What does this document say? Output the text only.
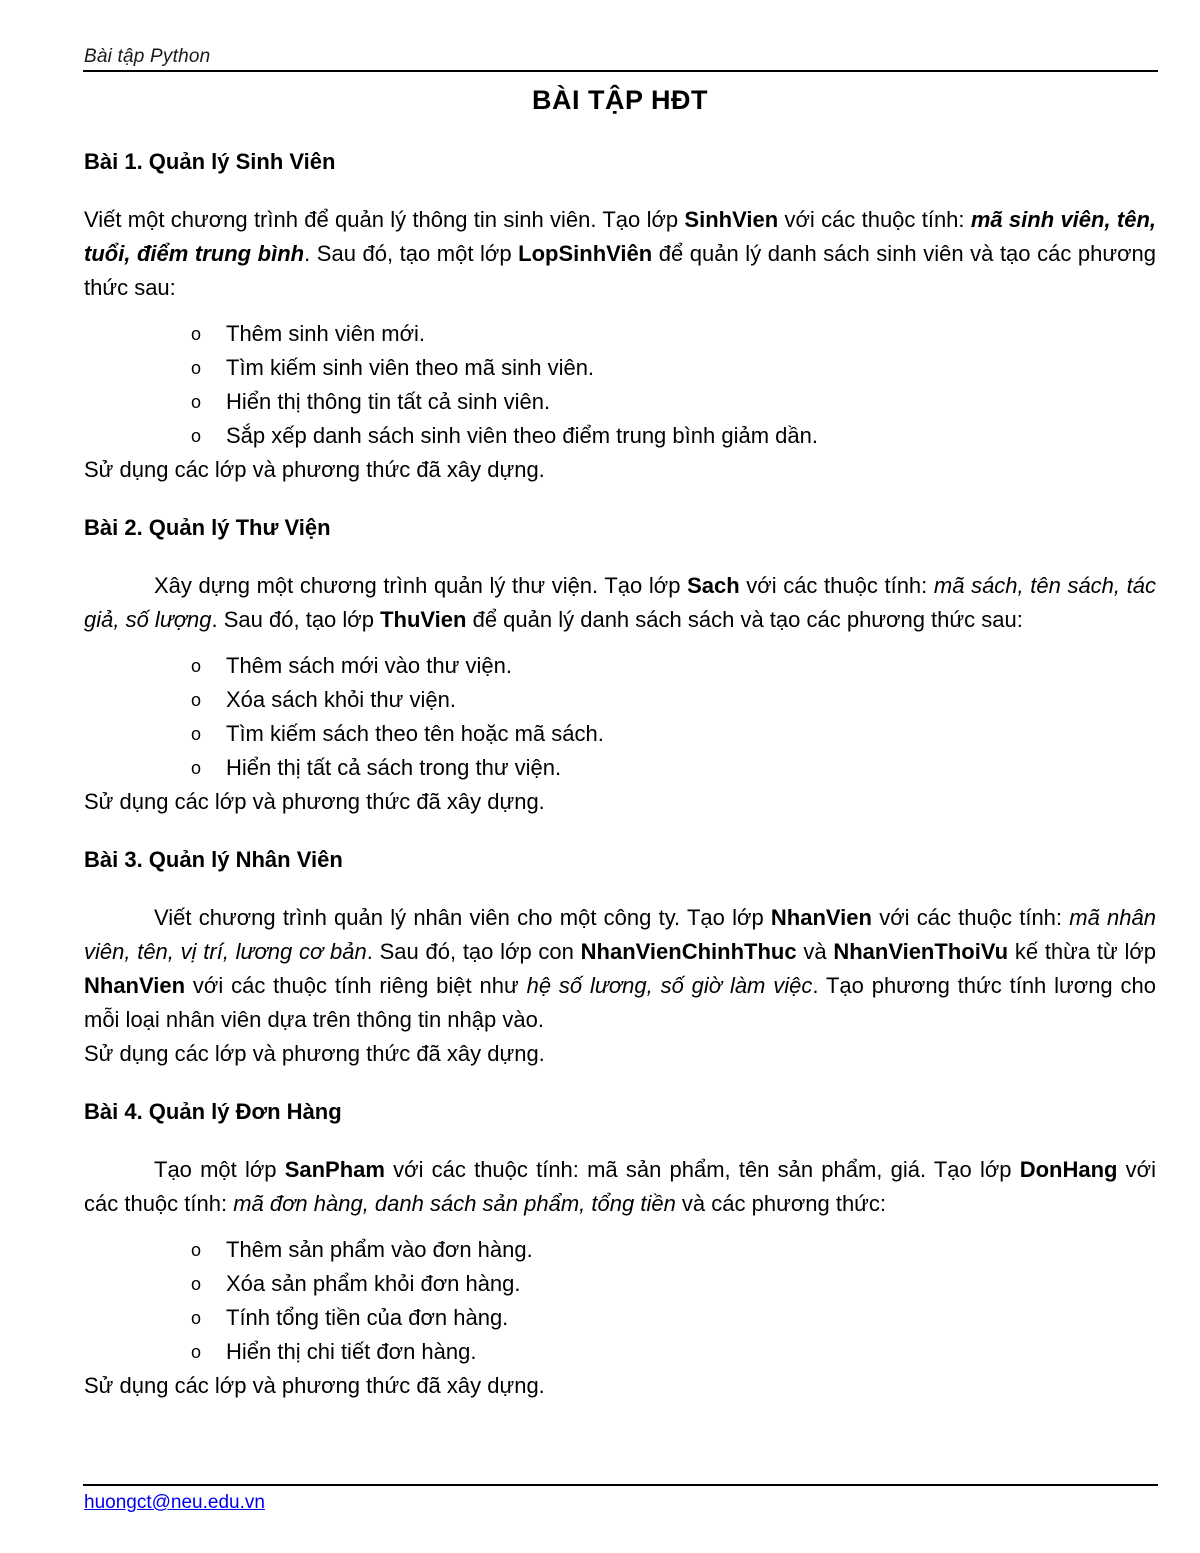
Bài tập Python
BÀI TẬP HĐT

Bài 1. Quản lý Sinh Viên

Viết một chương trình để quản lý thông tin sinh viên. Tạo lớp SinhVien với các thuộc tính: mã sinh viên, tên, tuổi, điểm trung bình. Sau đó, tạo một lớp LopSinhViên để quản lý danh sách sinh viên và tạo các phương thức sau:

o Thêm sinh viên mới.
o Tìm kiếm sinh viên theo mã sinh viên.
o Hiển thị thông tin tất cả sinh viên.
o Sắp xếp danh sách sinh viên theo điểm trung bình giảm dần.

Sử dụng các lớp và phương thức đã xây dựng.

Bài 2. Quản lý Thư Viện

Xây dựng một chương trình quản lý thư viện. Tạo lớp Sach với các thuộc tính: mã sách, tên sách, tác giả, số lượng. Sau đó, tạo lớp ThuVien để quản lý danh sách sách và tạo các phương thức sau:

o Thêm sách mới vào thư viện.
o Xóa sách khỏi thư viện.
o Tìm kiếm sách theo tên hoặc mã sách.
o Hiển thị tất cả sách trong thư viện.

Sử dụng các lớp và phương thức đã xây dựng.

Bài 3. Quản lý Nhân Viên

Viết chương trình quản lý nhân viên cho một công ty. Tạo lớp NhanVien với các thuộc tính: mã nhân viên, tên, vị trí, lương cơ bản. Sau đó, tạo lớp con NhanVienChinhThuc và NhanVienThoiVu kế thừa từ lớp NhanVien với các thuộc tính riêng biệt như hệ số lương, số giờ làm việc. Tạo phương thức tính lương cho mỗi loại nhân viên dựa trên thông tin nhập vào.

Sử dụng các lớp và phương thức đã xây dựng.

Bài 4. Quản lý Đơn Hàng

Tạo một lớp SanPham với các thuộc tính: mã sản phẩm, tên sản phẩm, giá. Tạo lớp DonHang với các thuộc tính: mã đơn hàng, danh sách sản phẩm, tổng tiền và các phương thức:

o Thêm sản phẩm vào đơn hàng.
o Xóa sản phẩm khỏi đơn hàng.
o Tính tổng tiền của đơn hàng.
o Hiển thị chi tiết đơn hàng.

Sử dụng các lớp và phương thức đã xây dựng.

huongct@neu.edu.vn
